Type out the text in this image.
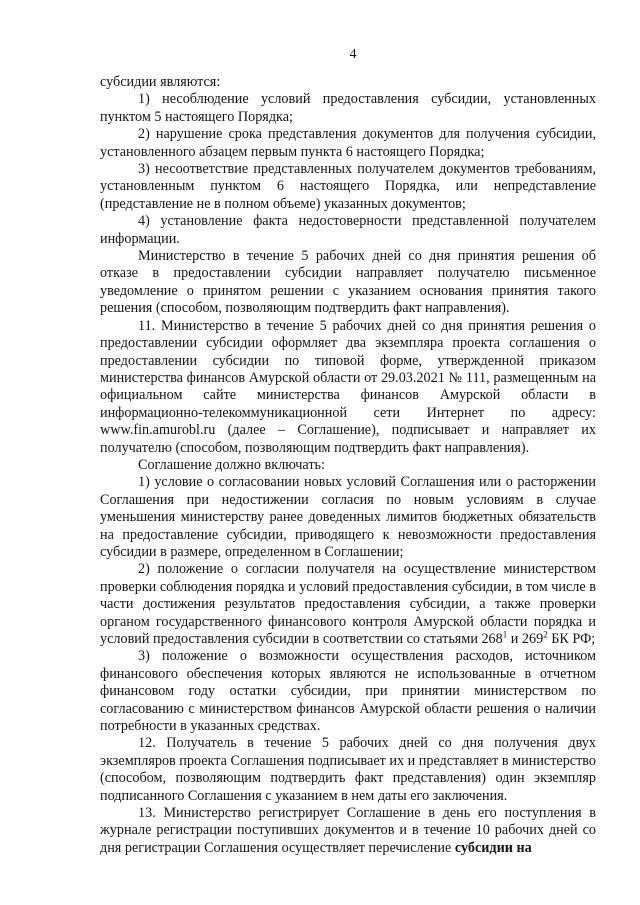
4

субсидии являются:

1) несоблюдение условий предоставления субсидии, установленных пунктом 5 настоящего Порядка;

2) нарушение срока представления документов для получения субсидии, установленного абзацем первым пункта 6 настоящего Порядка;

3) несоответствие представленных получателем документов требованиям, установленным пунктом 6 настоящего Порядка, или непредставление (представление не в полном объеме) указанных документов;

4) установление факта недостоверности представленной получателем информации.

Министерство в течение 5 рабочих дней со дня принятия решения об отказе в предоставлении субсидии направляет получателю письменное уведомление о принятом решении с указанием основания принятия такого решения (способом, позволяющим подтвердить факт направления).

11. Министерство в течение 5 рабочих дней со дня принятия решения о предоставлении субсидии оформляет два экземпляра проекта соглашения о предоставлении субсидии по типовой форме, утвержденной приказом министерства финансов Амурской области от 29.03.2021 № 111, размещенным на официальном сайте министерства финансов Амурской области в информационно-телекоммуникационной сети Интернет по адресу: www.fin.amurobl.ru (далее – Соглашение), подписывает и направляет их получателю (способом, позволяющим подтвердить факт направления).

Соглашение должно включать:

1) условие о согласовании новых условий Соглашения или о расторжении Соглашения при недостижении согласия по новым условиям в случае уменьшения министерству ранее доведенных лимитов бюджетных обязательств на предоставление субсидии, приводящего к невозможности предоставления субсидии в размере, определенном в Соглашении;

2) положение о согласии получателя на осуществление министерством проверки соблюдения порядка и условий предоставления субсидии, в том числе в части достижения результатов предоставления субсидии, а также проверки органом государственного финансового контроля Амурской области порядка и условий предоставления субсидии в соответствии со статьями $268^1$ и $269^2$ БК РФ;

3) положение о возможности осуществления расходов, источником финансового обеспечения которых являются не использованные в отчетном финансовом году остатки субсидии, при принятии министерством по согласованию с министерством финансов Амурской области решения о наличии потребности в указанных средствах.

12. Получатель в течение 5 рабочих дней со дня получения двух экземпляров проекта Соглашения подписывает их и представляет в министерство (способом, позволяющим подтвердить факт представления) один экземпляр подписанного Соглашения с указанием в нем даты его заключения.

13. Министерство регистрирует Соглашение в день его поступления в журнале регистрации поступивших документов и в течение 10 рабочих дней со дня регистрации Соглашения осуществляет перечисление субсидии на
